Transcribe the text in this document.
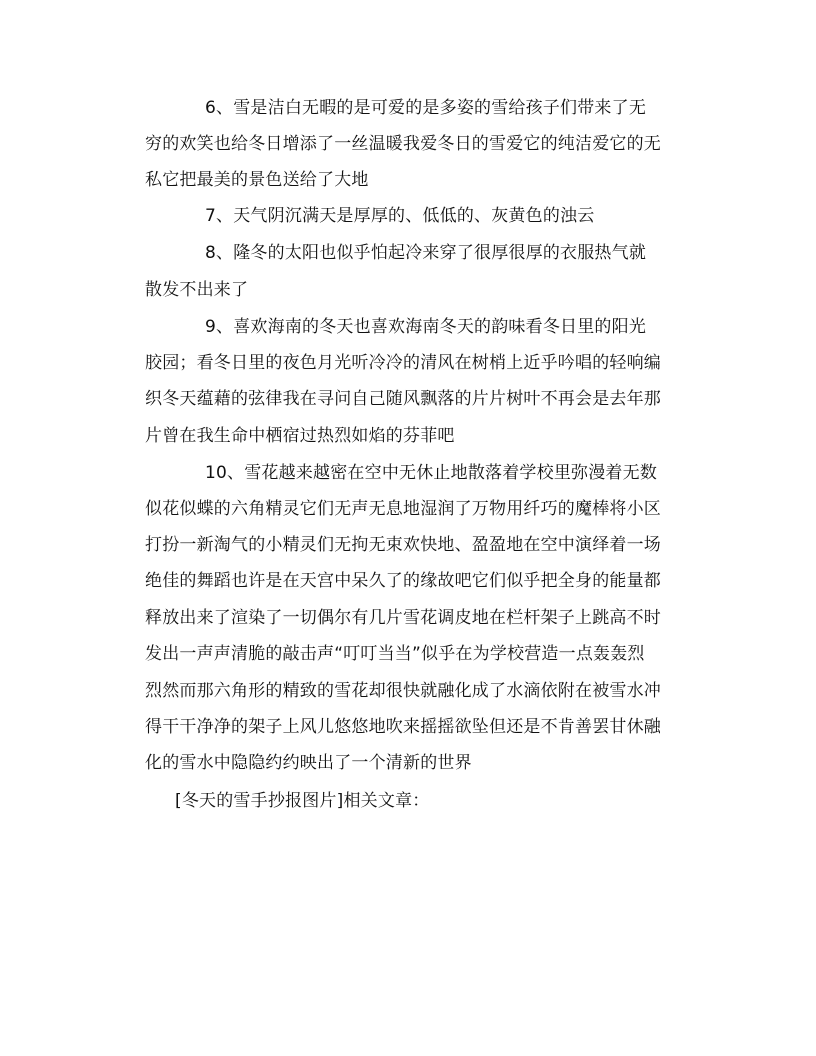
6、雪是洁白无暇的是可爱的是多姿的雪给孩子们带来了无
穷的欢笑也给冬日增添了一丝温暖我爱冬日的雪爱它的纯洁爱它的无
私它把最美的景色送给了大地
7、天气阴沉满天是厚厚的、低低的、灰黄色的浊云
8、隆冬的太阳也似乎怕起冷来穿了很厚很厚的衣服热气就
散发不出来了
9、喜欢海南的冬天也喜欢海南冬天的韵味看冬日里的阳光
胶园；看冬日里的夜色月光听冷冷的清风在树梢上近乎吟唱的轻响编
织冬天蕴藉的弦律我在寻问自己随风飘落的片片树叶不再会是去年那
片曾在我生命中栖宿过热烈如焰的芬菲吧
10、雪花越来越密在空中无休止地散落着学校里弥漫着无数
似花似蝶的六角精灵它们无声无息地湿润了万物用纤巧的魔棒将小区
打扮一新淘气的小精灵们无拘无束欢快地、盈盈地在空中演绎着一场
绝佳的舞蹈也许是在天宫中呆久了的缘故吧它们似乎把全身的能量都
释放出来了渲染了一切偶尔有几片雪花调皮地在栏杆架子上跳高不时
发出一声声清脆的敲击声“叮叮当当”似乎在为学校营造一点轰轰烈
烈然而那六角形的精致的雪花却很快就融化成了水滴依附在被雪水冲
得干干净净的架子上风儿悠悠地吹来摇摇欲坠但还是不肯善罢甘休融
化的雪水中隐隐约约映出了一个清新的世界
[冬天的雪手抄报图片]相关文章：
